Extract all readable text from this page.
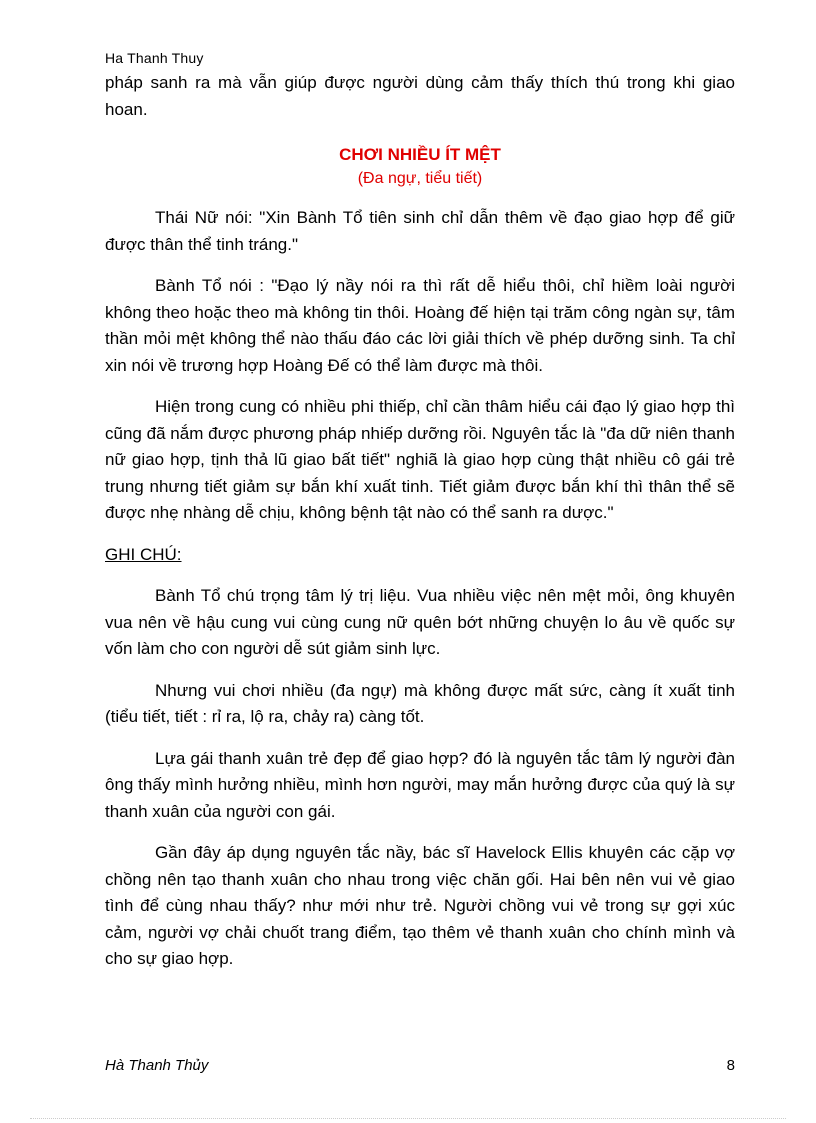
Ha Thanh Thuy

pháp sanh ra mà vẫn giúp được người dùng cảm thấy thích thú trong khi giao hoan.

CHƠI NHIỀU ÍT MỆT
(Đa ngự, tiểu tiết)

Thái Nữ nói: "Xin Bành Tổ tiên sinh chỉ dẫn thêm về đạo giao hợp để giữ được thân thể tinh tráng."

Bành Tổ nói : "Đạo lý nầy nói ra thì rất dễ hiểu thôi, chỉ hiềm loài người không theo hoặc theo mà không tin thôi. Hoàng đế hiện tại trăm công ngàn sự, tâm thần mỏi mệt không thể nào thấu đáo các lời giải thích về phép dưỡng sinh. Ta chỉ xin nói về trương hợp Hoàng Đế có thể làm được mà thôi.

Hiện trong cung có nhiều phi thiếp, chỉ cần thâm hiểu cái đạo lý giao hợp thì cũng đã nắm được phương pháp nhiếp dưỡng rồi. Nguyên tắc là "đa dữ niên thanh nữ giao hợp, tịnh thả lũ giao bất tiết" nghiã là giao hợp cùng thật nhiều cô gái trẻ trung nhưng tiết giảm sự bắn khí xuất tinh. Tiết giảm được bắn khí thì thân thể sẽ được nhẹ nhàng dễ chịu, không bệnh tật nào có thể sanh ra dược."

GHI CHÚ:

Bành Tổ chú trọng tâm lý trị liệu. Vua nhiều việc nên mệt mỏi, ông khuyên vua nên về hậu cung vui cùng cung nữ quên bớt những chuyện lo âu về quốc sự vốn làm cho con người dễ sút giảm sinh lực.

Nhưng vui chơi nhiều (đa ngự) mà không được mất sức, càng ít xuất tinh (tiểu tiết, tiết : rỉ ra, lộ ra, chảy ra) càng tốt.

Lựa gái thanh xuân trẻ đẹp để giao hợp? đó là nguyên tắc tâm lý người đàn ông thấy mình hưởng nhiều, mình hơn người, may mắn hưởng được của quý là sự thanh xuân của người con gái.

Gần đây áp dụng nguyên tắc nầy, bác sĩ Havelock Ellis khuyên các cặp vợ chồng nên tạo thanh xuân cho nhau trong việc chăn gối. Hai bên nên vui vẻ giao tình để cùng nhau thấy? như mới như trẻ. Người chồng vui vẻ trong sự gợi xúc cảm, người vợ chải chuốt trang điểm, tạo thêm vẻ thanh xuân cho chính mình và cho sự giao hợp.

Hà Thanh Thủy	8
